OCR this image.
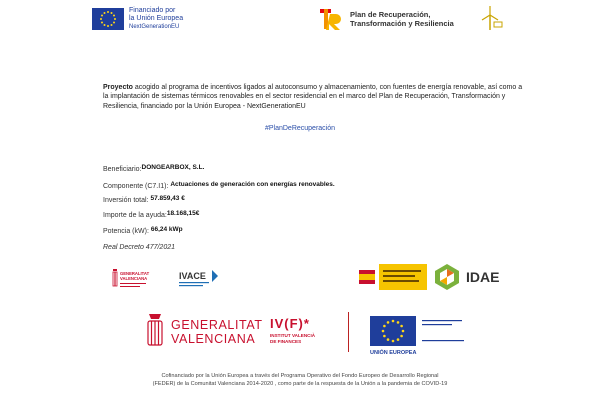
Financiado por
la Unión Europea
NextGenerationEU
Plan de Recuperación,
Transformación y Resiliencia
Proyecto acogido al programa de incentivos ligados al autoconsumo y almacenamiento, con fuentes de energía renovable, así como a la implantación de sistemas térmicos renovables en el sector residencial en el marco del Plan de Recuperación, Transformación y Resiliencia, financiado por la Unión Europea - NextGenerationEU
#PlanDeRecuperación
Beneficiario:DONGEARBOX, S.L.
Componente (C7.I1): Actuaciones de generación con energías renovables.
Inversión total: 57.859,43 €
Importe de la ayuda:18.168,15€
Potencia (kW): 66,24 kWp
Real Decreto 477/2021
GENERALITAT
VALENCIANA	IVACE	IDAE
GENERALITAT
VALENCIANA
IV(F)*
INSTITUT VALENCIÀ
DE FINANCES
UNIÓN EUROPEA
Cofinanciado por la Unión Europea a través del Programa Operativo del Fondo Europeo de Desarrollo Regional
(FEDER) de la Comunitat Valenciana 2014-2020 , como parte de la respuesta de la Unión a la pandemia de COVID-19
